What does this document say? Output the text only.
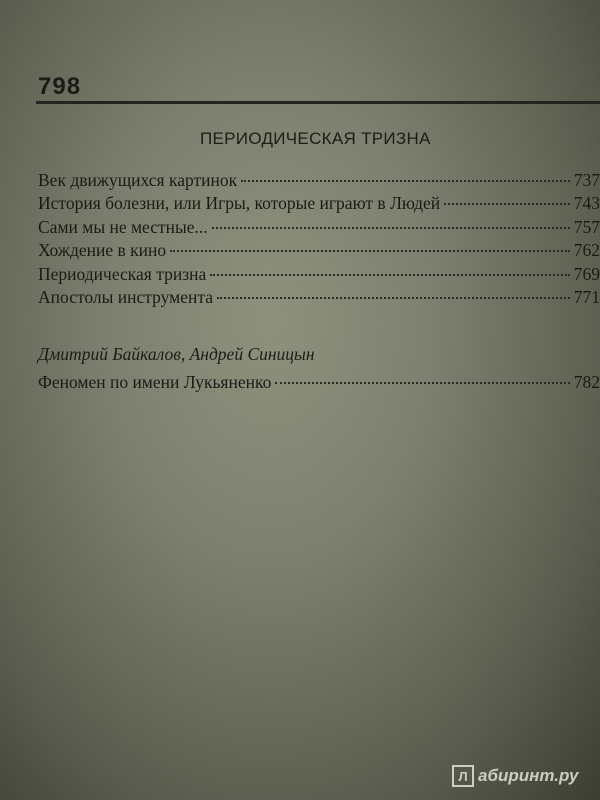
798
ПЕРИОДИЧЕСКАЯ ТРИЗНА
Век движущихся картинок	737
История болезни, или Игры, которые играют в Людей	743
Сами мы не местные...	757
Хождение в кино	762
Периодическая тризна	769
Апостолы инструмента	771
Дмитрий Байкалов, Андрей Синицын
Феномен по имени Лукьяненко	782
Л абиринт.ру
